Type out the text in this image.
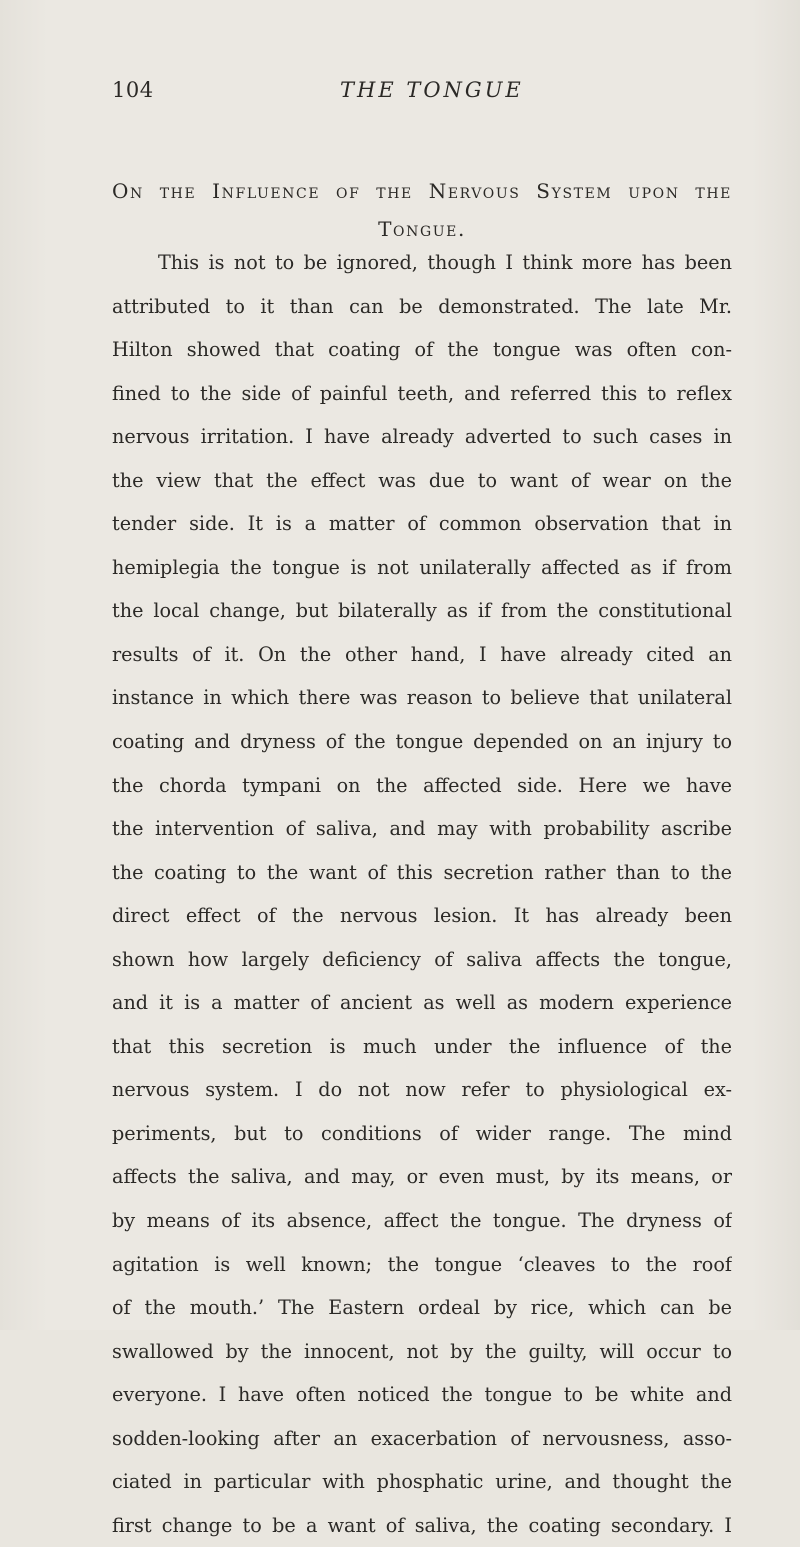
104	THE TONGUE
On the Influence of the Nervous System upon the Tongue.
This is not to be ignored, though I think more has been
attributed to it than can be demonstrated. The late Mr.
Hilton showed that coating of the tongue was often con-
fined to the side of painful teeth, and referred this to reflex
nervous irritation. I have already adverted to such cases in
the view that the effect was due to want of wear on the
tender side. It is a matter of common observation that in
hemiplegia the tongue is not unilaterally affected as if from
the local change, but bilaterally as if from the constitutional
results of it. On the other hand, I have already cited an
instance in which there was reason to believe that unilateral
coating and dryness of the tongue depended on an injury to
the chorda tympani on the affected side. Here we have
the intervention of saliva, and may with probability ascribe
the coating to the want of this secretion rather than to the
direct effect of the nervous lesion. It has already been
shown how largely deficiency of saliva affects the tongue,
and it is a matter of ancient as well as modern experience
that this secretion is much under the influence of the
nervous system. I do not now refer to physiological ex-
periments, but to conditions of wider range. The mind
affects the saliva, and may, or even must, by its means, or
by means of its absence, affect the tongue. The dryness of
agitation is well known; the tongue ‘cleaves to the roof
of the mouth.’ The Eastern ordeal by rice, which can be
swallowed by the innocent, not by the guilty, will occur to
everyone. I have often noticed the tongue to be white and
sodden-looking after an exacerbation of nervousness, asso-
ciated in particular with phosphatic urine, and thought the
first change to be a want of saliva, the coating secondary. I
